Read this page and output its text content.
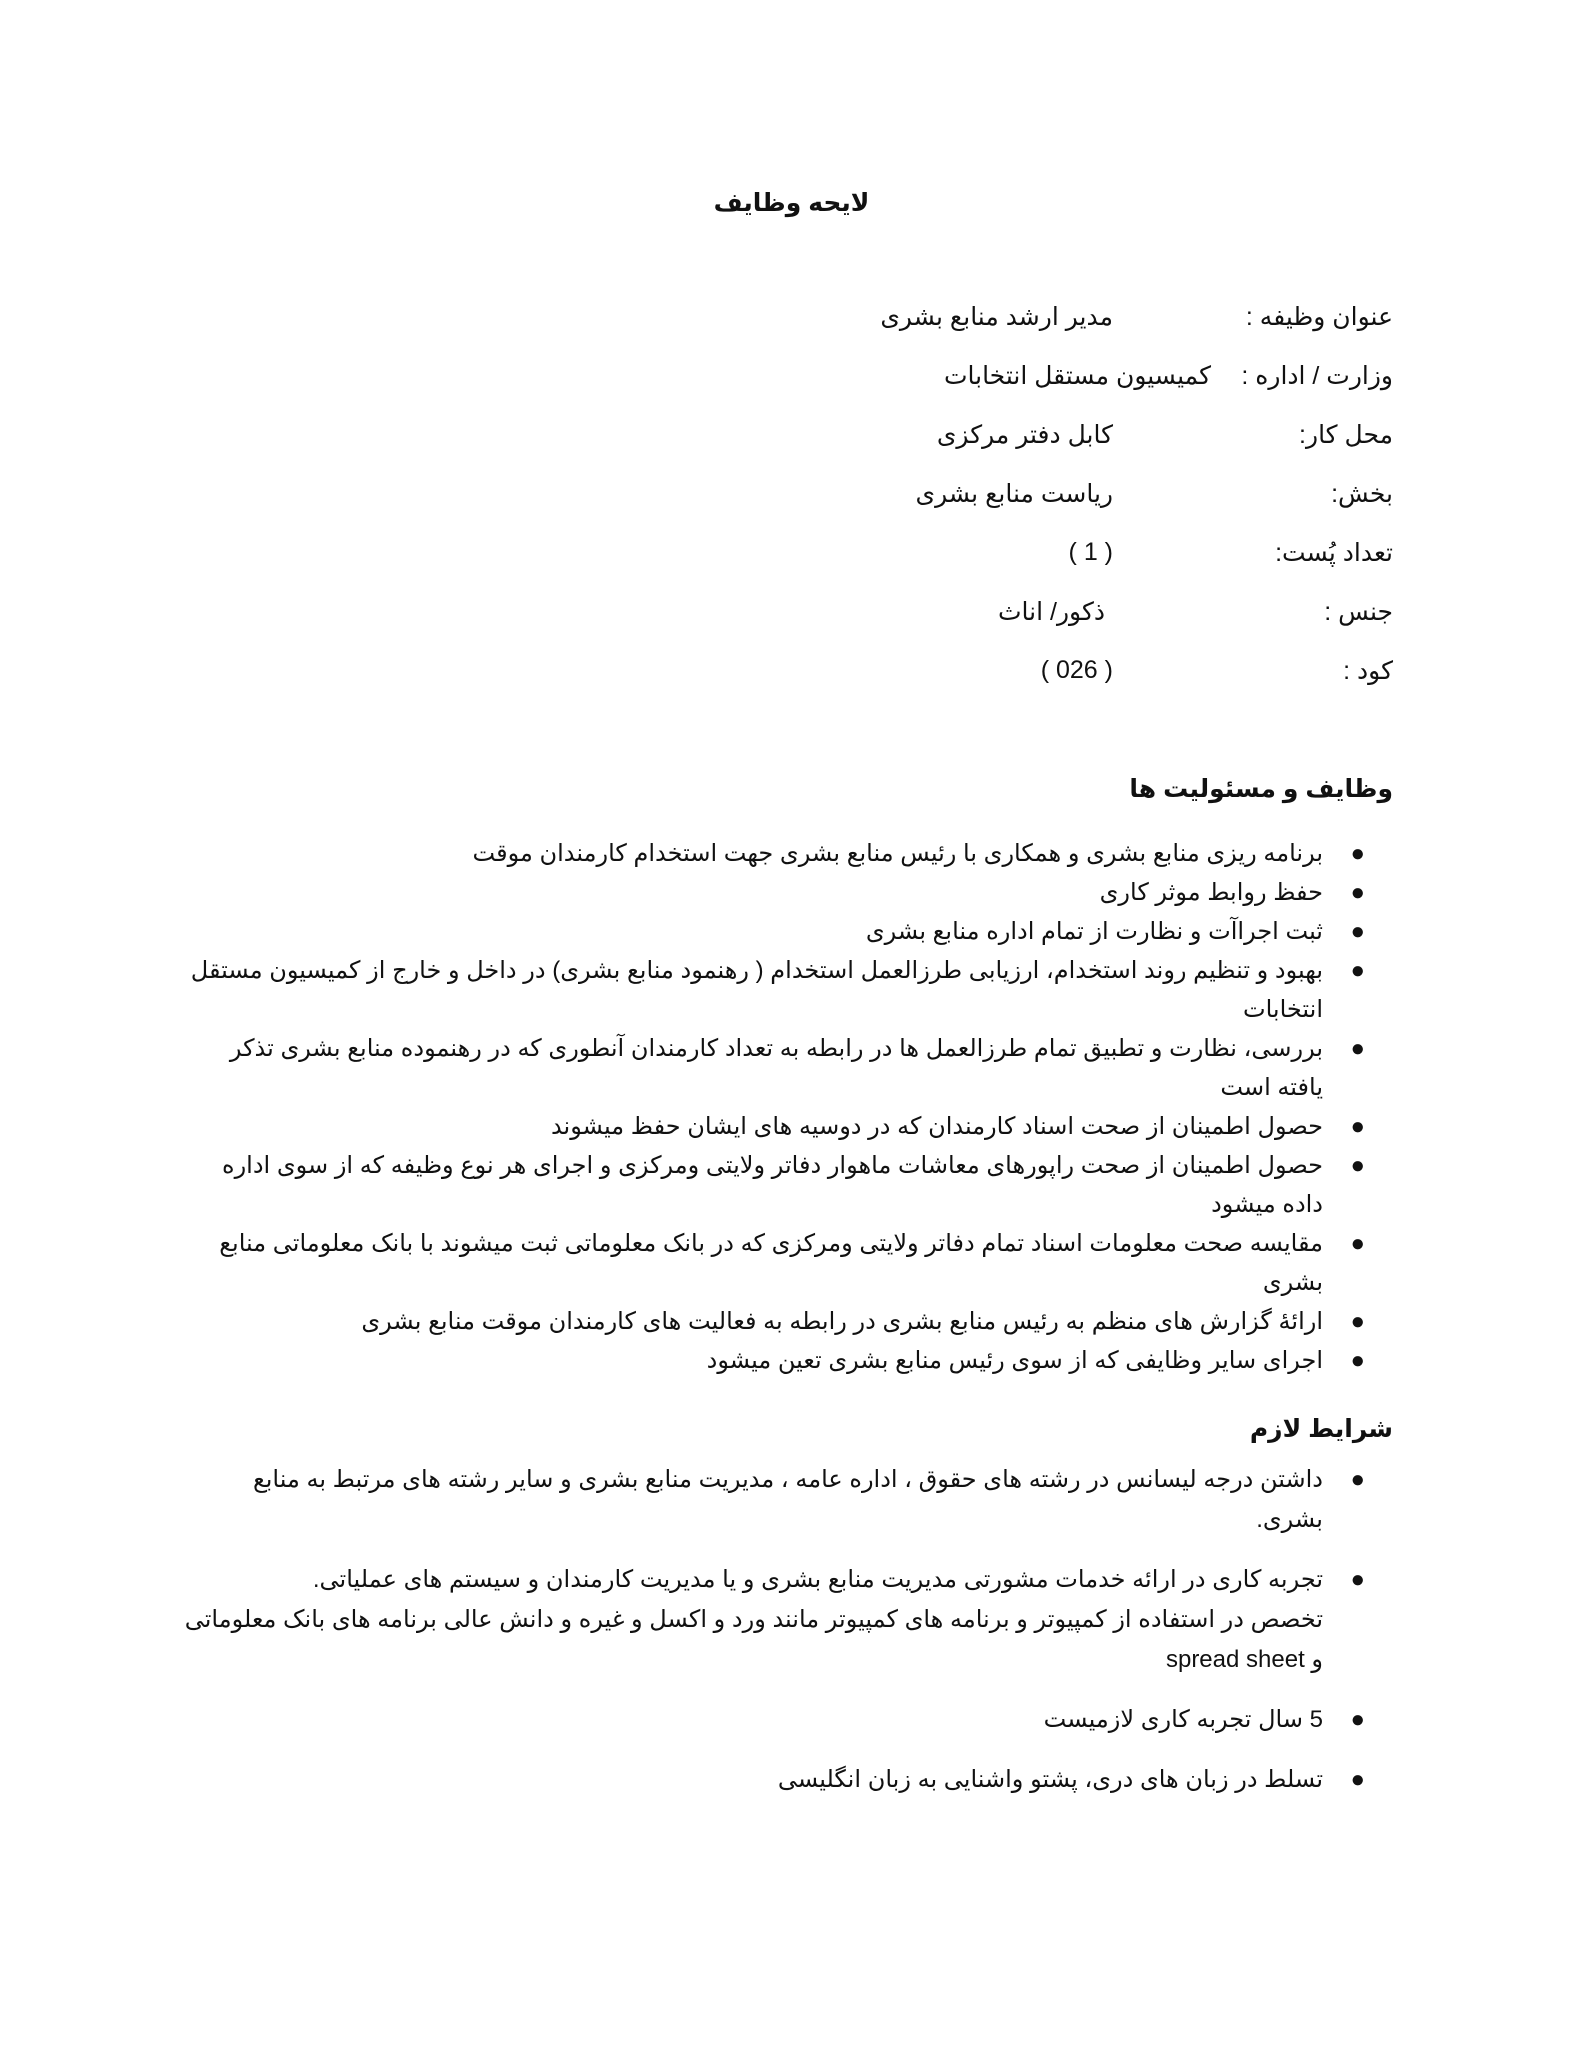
لایحه وظایف
عنوان وظیفه :
مدیر ارشد منابع بشری
وزارت / اداره :
کمیسیون مستقل انتخابات
محل کار:
کابل دفتر مرکزی
بخش:
ریاست منابع بشری
تعداد پُست:
( 1 )
جنس :
ذکور/ اناث
کود :
( 026 )
وظایف و مسئولیت ها
●
برنامه ریزی منابع بشری و همکاری با رئیس منابع بشری جهت استخدام کارمندان موقت
●
حفظ روابط موثر کاری
●
ثبت اجراآت و نظارت از تمام اداره منابع بشری
●
بهبود و تنظیم روند استخدام، ارزیابی طرزالعمل استخدام ( رهنمود منابع بشری) در داخل و خارج از کمیسیون مستقل انتخابات
●
بررسی، نظارت و تطبیق تمام طرزالعمل ها در رابطه به تعداد کارمندان آنطوری که در رهنموده منابع بشری تذکر یافته است
●
حصول اطمینان از صحت اسناد کارمندان که در دوسیه های ایشان حفظ میشوند
●
حصول اطمینان از صحت راپورهای معاشات ماهوار دفاتر ولایتی ومرکزی و اجرای هر نوع وظیفه که از سوی اداره داده میشود
●
مقایسه صحت معلومات اسناد تمام دفاتر ولایتی ومرکزی که در بانک معلوماتی ثبت میشوند با بانک معلوماتی منابع بشری
●
ارائۀ گزارش های منظم به رئیس منابع بشری در رابطه به فعالیت های کارمندان موقت منابع بشری
●
اجرای سایر وظایفی که از سوی رئیس منابع بشری تعین میشود
شرایط لازم
●
داشتن درجه لیسانس در رشته های حقوق ، اداره عامه ، مدیریت منابع بشری و سایر رشته های مرتبط به منابع بشری.
●
تجربه کاری در ارائه خدمات مشورتی مدیریت منابع بشری و یا مدیریت کارمندان و سیستم های عملیاتی.
تخصص در استفاده از کمپیوتر و برنامه های کمپیوتر مانند ورد و اکسل و غیره و دانش عالی برنامه های بانک معلوماتی و spread sheet
●
5 سال تجربه کاری لازمیست
●
تسلط در زبان های دری، پشتو واشنایی به زبان انگلیسی
